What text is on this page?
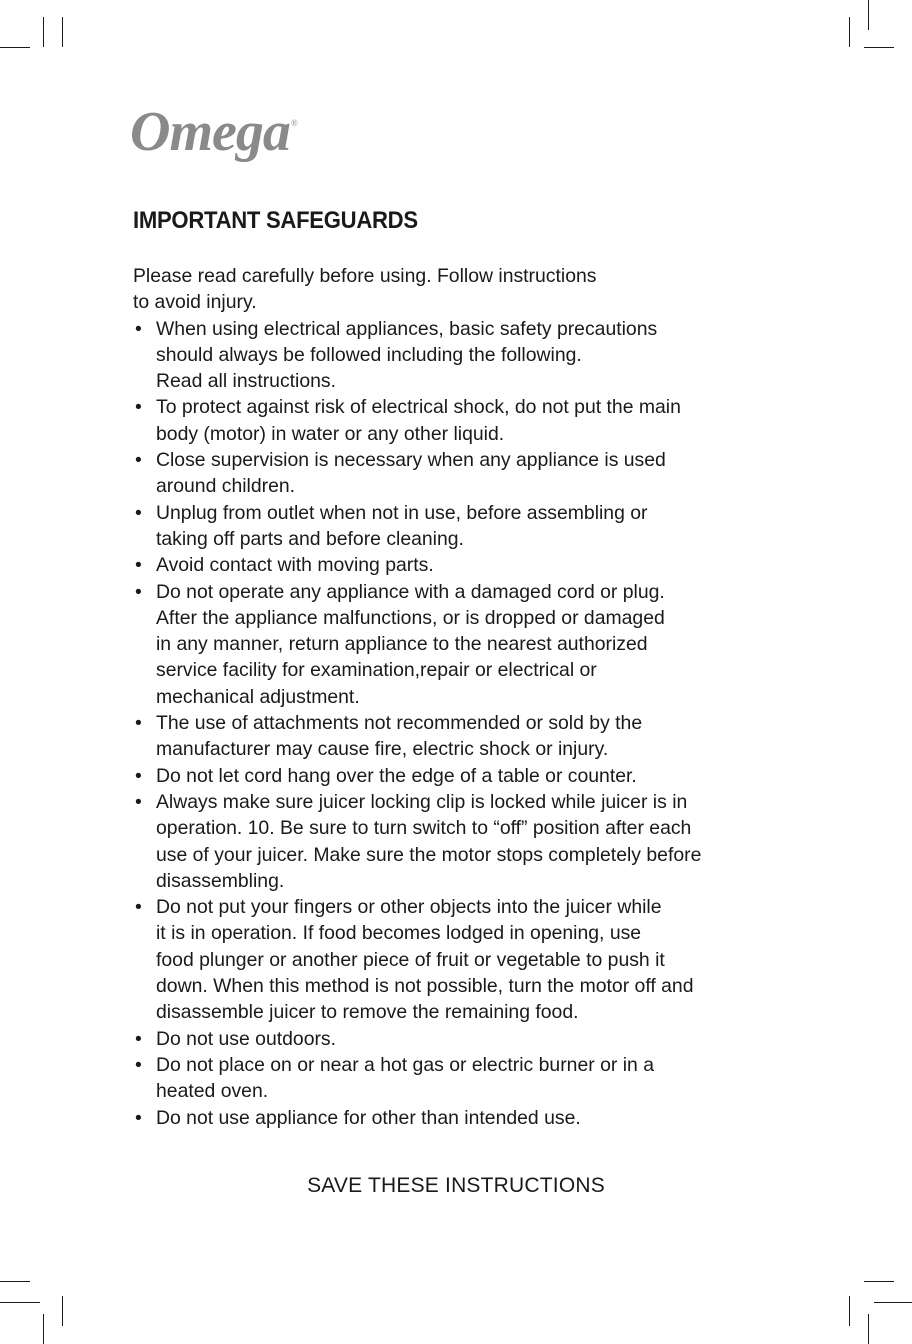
Omega®
IMPORTANT SAFEGUARDS

Please read carefully before using. Follow instructions
to avoid injury.

• When using electrical appliances, basic safety precautions
should always be followed including the following.
Read all instructions.
• To protect against risk of electrical shock, do not put the main
body (motor) in water or any other liquid.
• Close supervision is necessary when any appliance is used
around children.
• Unplug from outlet when not in use, before assembling or
taking off parts and before cleaning.
• Avoid contact with moving parts.
• Do not operate any appliance with a damaged cord or plug.
After the appliance malfunctions, or is dropped or damaged
in any manner, return appliance to the nearest authorized
service facility for examination,repair or electrical or
mechanical adjustment.
• The use of attachments not recommended or sold by the
manufacturer may cause fire, electric shock or injury.
• Do not let cord hang over the edge of a table or counter.
• Always make sure juicer locking clip is locked while juicer is in
operation. 10. Be sure to turn switch to “off” position after each
use of your juicer. Make sure the motor stops completely before
disassembling.
• Do not put your fingers or other objects into the juicer while
it is in operation. If food becomes lodged in opening, use
food plunger or another piece of fruit or vegetable to push it
down. When this method is not possible, turn the motor off and
disassemble juicer to remove the remaining food.
• Do not use outdoors.
• Do not place on or near a hot gas or electric burner or in a
heated oven.
• Do not use appliance for other than intended use.
SAVE THESE INSTRUCTIONS
